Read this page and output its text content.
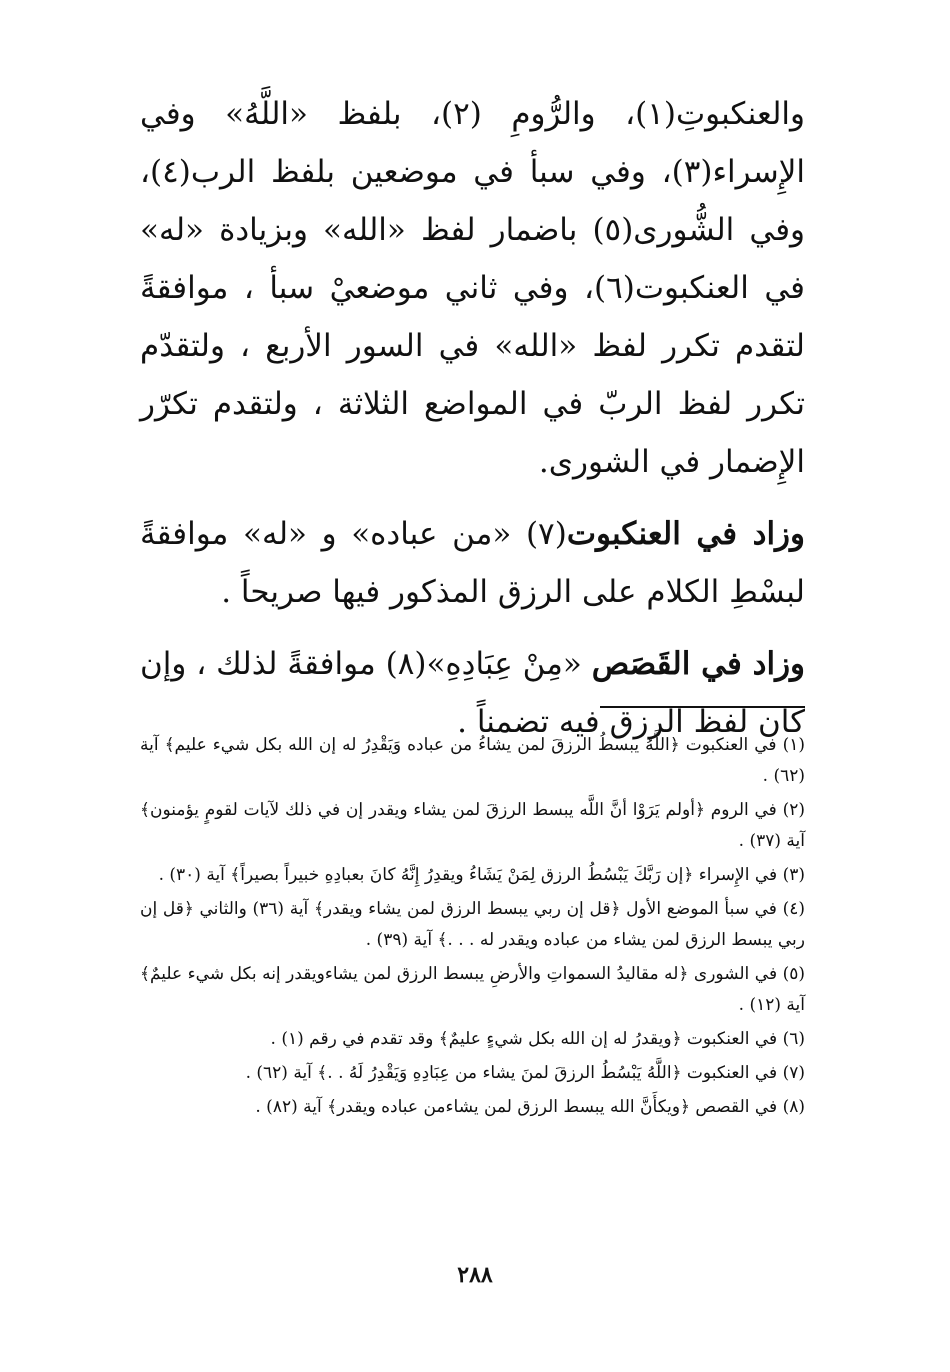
والعنكبوتِ(١)، والرُّومِ (٢)، بلفظ «اللَّهُ» وفي الإِسراء(٣)، وفي سبأ في موضعين بلفظ الرب(٤)، وفي الشُّورى(٥) باضمار لفظ «الله» وبزيادة «له» في العنكبوت(٦)، وفي ثاني موضعيْ سبأ ، موافقةً لتقدم تكرر لفظ «الله» في السور الأربع ، ولتقدّم تكرر لفظ الربّ في المواضع الثلاثة ، ولتقدم تكرّر الإِضمار في الشورى.

وزاد في العنكبوت(٧) «من عباده» و «له» موافقةً لبسْطِ الكلام على الرزق المذكور فيها صريحاً .

وزاد في القَصَص «مِنْ عِبَادِهِ»(٨) موافقةً لذلك ، وإن كان لفظ الرزق فيه تضمناً .

(١) في العنكبوت ﴿اللَّهُ يبسطُ الرزقَ لمن يشاءُ من عباده وَيَقْدِرُ له إن الله بكل شيء عليم﴾ آية (٦٢) .

(٢) في الروم ﴿أولم يَرَوْا أنَّ اللَّه يبسط الرزقَ لمن يشاء ويقدر إن في ذلك لآيات لقومٍ يؤمنون﴾ آية (٣٧) .

(٣) في الإِسراء ﴿إن رَبَّكَ يَبْسُطُ الرزق لِمَنْ يَشَاءُ ويقدِرُ إِنَّهُ كانَ بعبادِهِ خبيراً بصيراً﴾ آية (٣٠) .

(٤) في سبأ الموضع الأول ﴿قل إن ربي يبسط الرزق لمن يشاء ويقدر﴾ آية (٣٦) والثاني ﴿قل إن ربي يبسط الرزق لمن يشاء من عباده ويقدر له . . .﴾ آية (٣٩) .

(٥) في الشورى ﴿له مقاليدُ السمواتِ والأرضِ يبسط الرزق لمن يشاءويقدر إنه بكل شيء عليمٌ﴾ آية (١٢) .

(٦) في العنكبوت ﴿ويقدرُ له إن الله بكل شيءٍ عليمٌ﴾ وقد تقدم في رقم (١) .

(٧) في العنكبوت ﴿اللَّهُ يَبْسُطُ الرزقَ لمنَ يشاء من عِبَادِهِ وَيَقْدِرُ لَهُ . .﴾ آية (٦٢) .

(٨) في القصص ﴿ويكأَنَّ الله يبسط الرزق لمن يشاءمن عباده ويقدر﴾ آية (٨٢) .

٢٨٨
